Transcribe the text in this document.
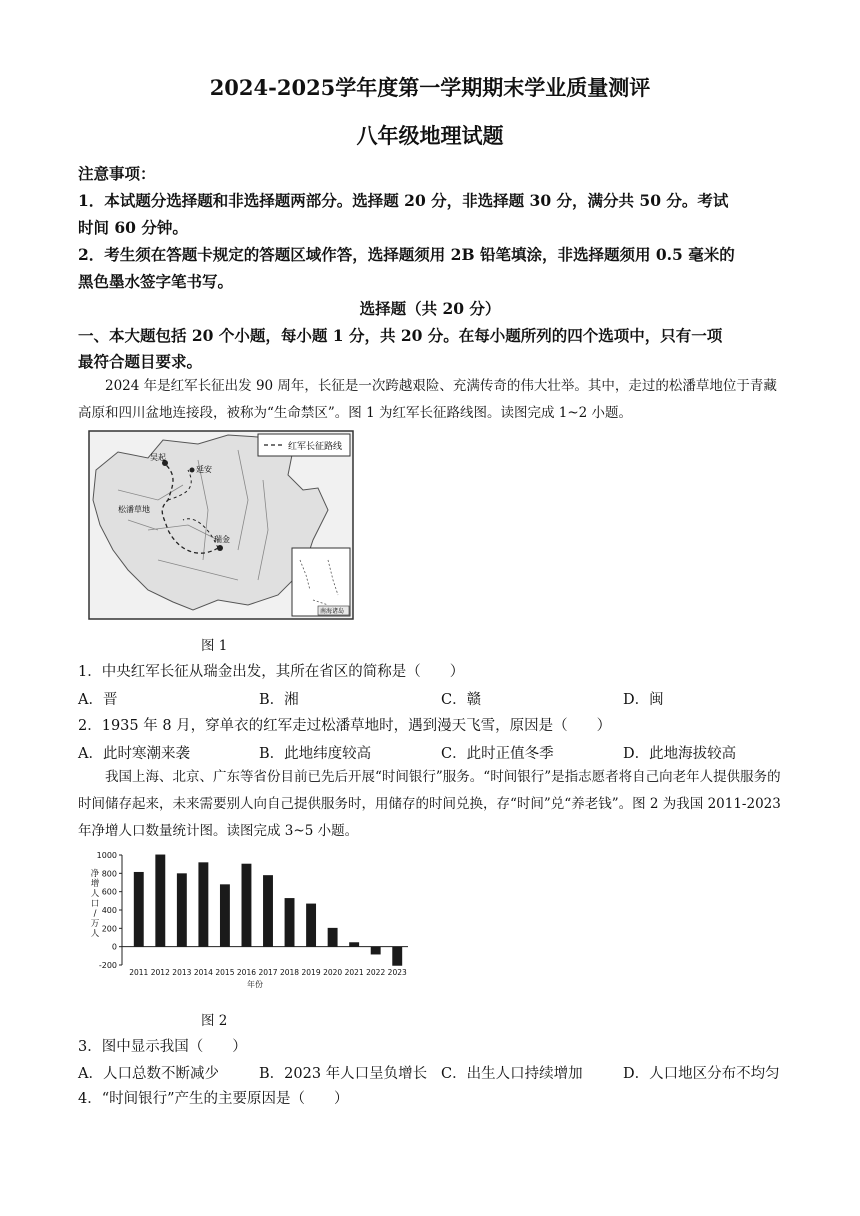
2024-2025学年度第一学期期末学业质量测评
八年级地理试题
注意事项：
1．本试题分选择题和非选择题两部分。选择题 20 分，非选择题 30 分，满分共 50 分。考试
时间 60 分钟。
2．考生须在答题卡规定的答题区域作答，选择题须用 2B 铅笔填涂，非选择题须用 0.5 毫米的
黑色墨水签字笔书写。
选择题（共 20 分）
一、本大题包括 20 个小题，每小题 1 分，共 20 分。在每小题所列的四个选项中，只有一项
最符合题目要求。
2024 年是红军长征出发 90 周年，长征是一次跨越艰险、充满传奇的伟大壮举。其中，走过的松潘草地位于青藏高原和四川盆地连接段，被称为“生命禁区”。图 1 为红军长征路线图。读图完成 1~2 小题。
吴起
延安
松潘草地
瑞金
红军长征路线
南海诸岛
图 1
1．中央红军长征从瑞金出发，其所在省区的简称是（　　）
A．晋	B．湘	C．赣	D．闽
2．1935 年 8 月，穿单衣的红军走过松潘草地时，遇到漫天飞雪，原因是（　　）
A．此时寒潮来袭	B．此地纬度较高	C．此时正值冬季	D．此地海拔较高
我国上海、北京、广东等省份目前已先后开展“时间银行”服务。“时间银行”是指志愿者将自己向老年人提供服务的时间储存起来，未来需要别人向自己提供服务时，用储存的时间兑换，存“时间”兑“养老钱”。图 2 为我国 2011-2023 年净增人口数量统计图。读图完成 3~5 小题。
1000
800
600
400
200
0
-200
2011 2012 2013 2014 2015 2016 2017 2018 2019 2020 2021 2022 2023
年份
净
增
人
口
/
万
人
图 2
3．图中显示我国（　　）
A．人口总数不断减少	B．2023 年人口呈负增长 C．出生人口持续增加	D．人口地区分布不均匀
4．“时间银行”产生的主要原因是（　　）
